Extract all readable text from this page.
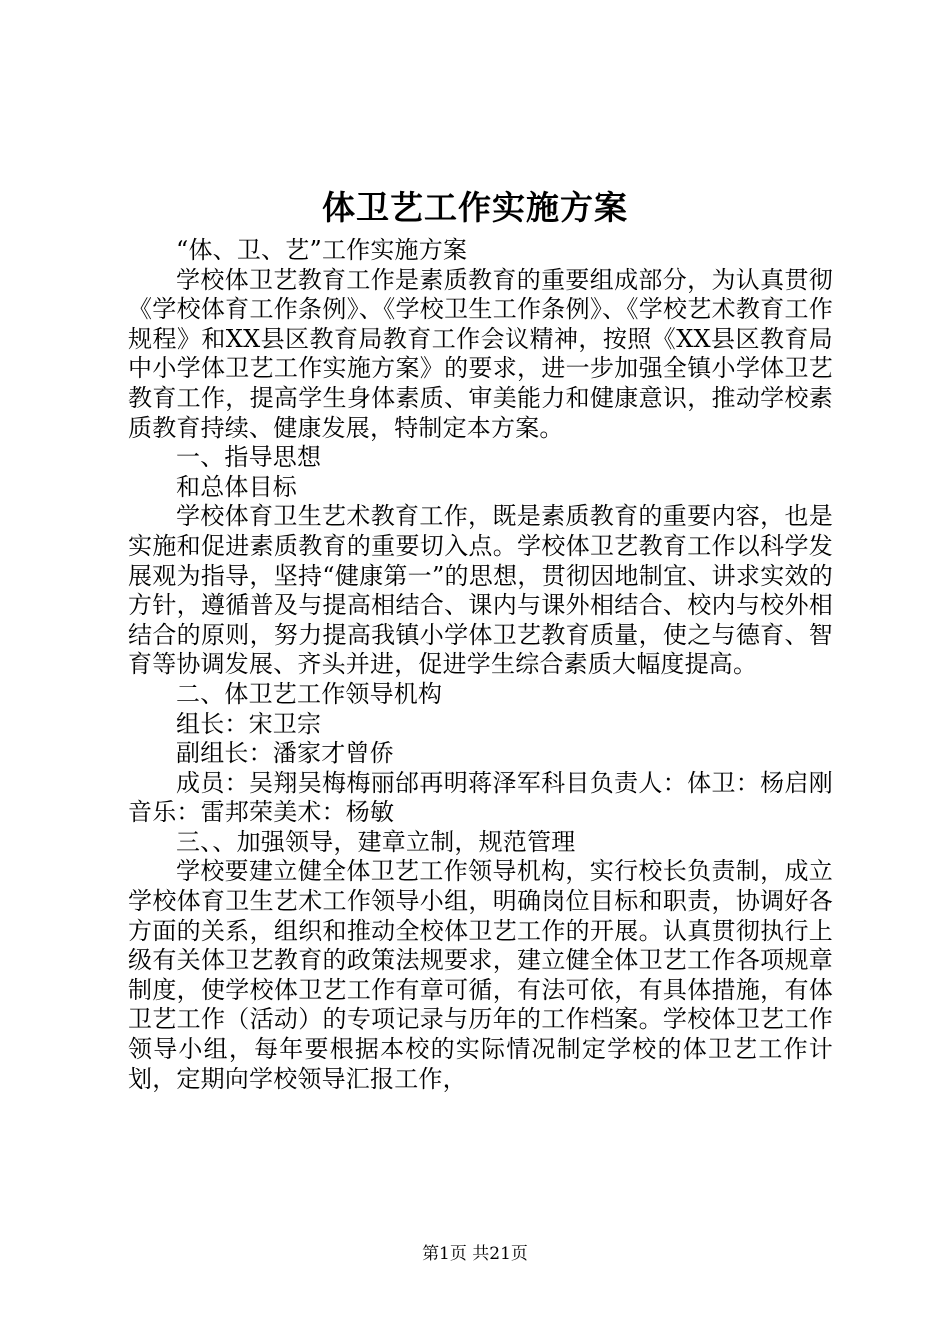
体卫艺工作实施方案

“体、卫、艺”工作实施方案

学校体卫艺教育工作是素质教育的重要组成部分，为认真贯彻《学校体育工作条例》、《学校卫生工作条例》、《学校艺术教育工作规程》和XX县区教育局教育工作会议精神，按照《XX县区教育局中小学体卫艺工作实施方案》的要求，进一步加强全镇小学体卫艺教育工作，提高学生身体素质、审美能力和健康意识，推动学校素质教育持续、健康发展，特制定本方案。

一、指导思想

和总体目标

学校体育卫生艺术教育工作，既是素质教育的重要内容，也是实施和促进素质教育的重要切入点。学校体卫艺教育工作以科学发展观为指导，坚持“健康第一”的思想，贯彻因地制宜、讲求实效的方针，遵循普及与提高相结合、课内与课外相结合、校内与校外相结合的原则，努力提高我镇小学体卫艺教育质量，使之与德育、智育等协调发展、齐头并进，促进学生综合素质大幅度提高。

二、体卫艺工作领导机构

组长：宋卫宗

副组长：潘家才曾侨

成员：吴翔吴梅梅丽邰再明蒋泽军科目负责人：体卫：杨启刚音乐：雷邦荣美术：杨敏

三、、加强领导，建章立制，规范管理

学校要建立健全体卫艺工作领导机构，实行校长负责制，成立学校体育卫生艺术工作领导小组，明确岗位目标和职责，协调好各方面的关系，组织和推动全校体卫艺工作的开展。认真贯彻执行上级有关体卫艺教育的政策法规要求，建立健全体卫艺工作各项规章制度，使学校体卫艺工作有章可循，有法可依，有具体措施，有体卫艺工作（活动）的专项记录与历年的工作档案。学校体卫艺工作领导小组，每年要根据本校的实际情况制定学校的体卫艺工作计划，定期向学校领导汇报工作，

第1页 共21页
